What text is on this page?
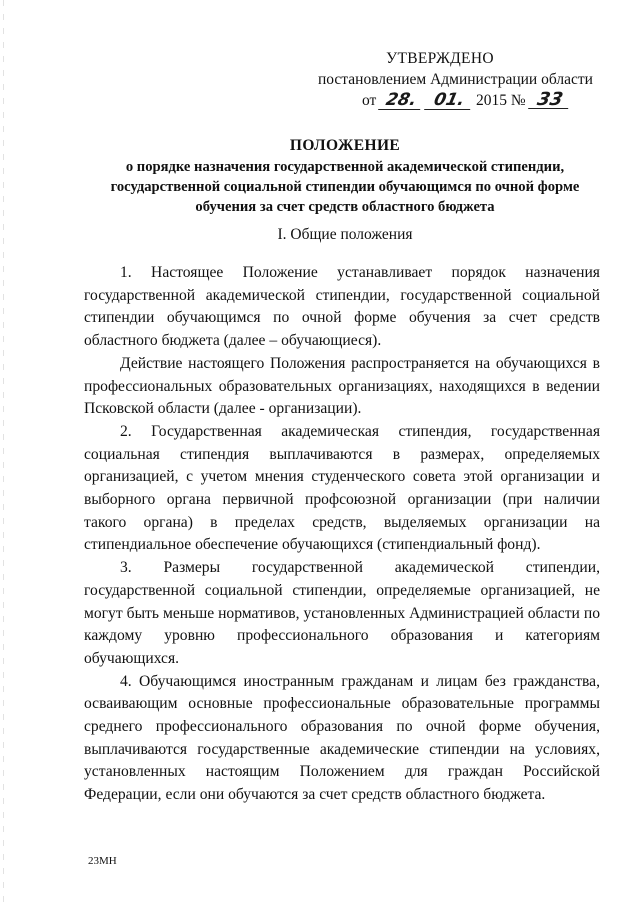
УТВЕРЖДЕНО
постановлением Администрации области
от 28. 01. 2015 № 33
ПОЛОЖЕНИЕ
о порядке назначения государственной академической стипендии, государственной социальной стипендии обучающимся по очной форме обучения за счет средств областного бюджета
I. Общие положения

1. Настоящее Положение устанавливает порядок назначения государственной академической стипендии, государственной социальной стипендии обучающимся по очной форме обучения за счет средств областного бюджета (далее – обучающиеся).

Действие настоящего Положения распространяется на обучающихся в профессиональных образовательных организациях, находящихся в ведении Псковской области (далее - организации).

2. Государственная академическая стипендия, государственная социальная стипендия выплачиваются в размерах, определяемых организацией, с учетом мнения студенческого совета этой организации и выборного органа первичной профсоюзной организации (при наличии такого органа) в пределах средств, выделяемых организации на стипендиальное обеспечение обучающихся (стипендиальный фонд).

3. Размеры государственной академической стипендии, государственной социальной стипендии, определяемые организацией, не могут быть меньше нормативов, установленных Администрацией области по каждому уровню профессионального образования и категориям обучающихся.

4. Обучающимся иностранным гражданам и лицам без гражданства, осваивающим основные профессиональные образовательные программы среднего профессионального образования по очной форме обучения, выплачиваются государственные академические стипендии на условиях, установленных настоящим Положением для граждан Российской Федерации, если они обучаются за счет средств областного бюджета.

23МН
